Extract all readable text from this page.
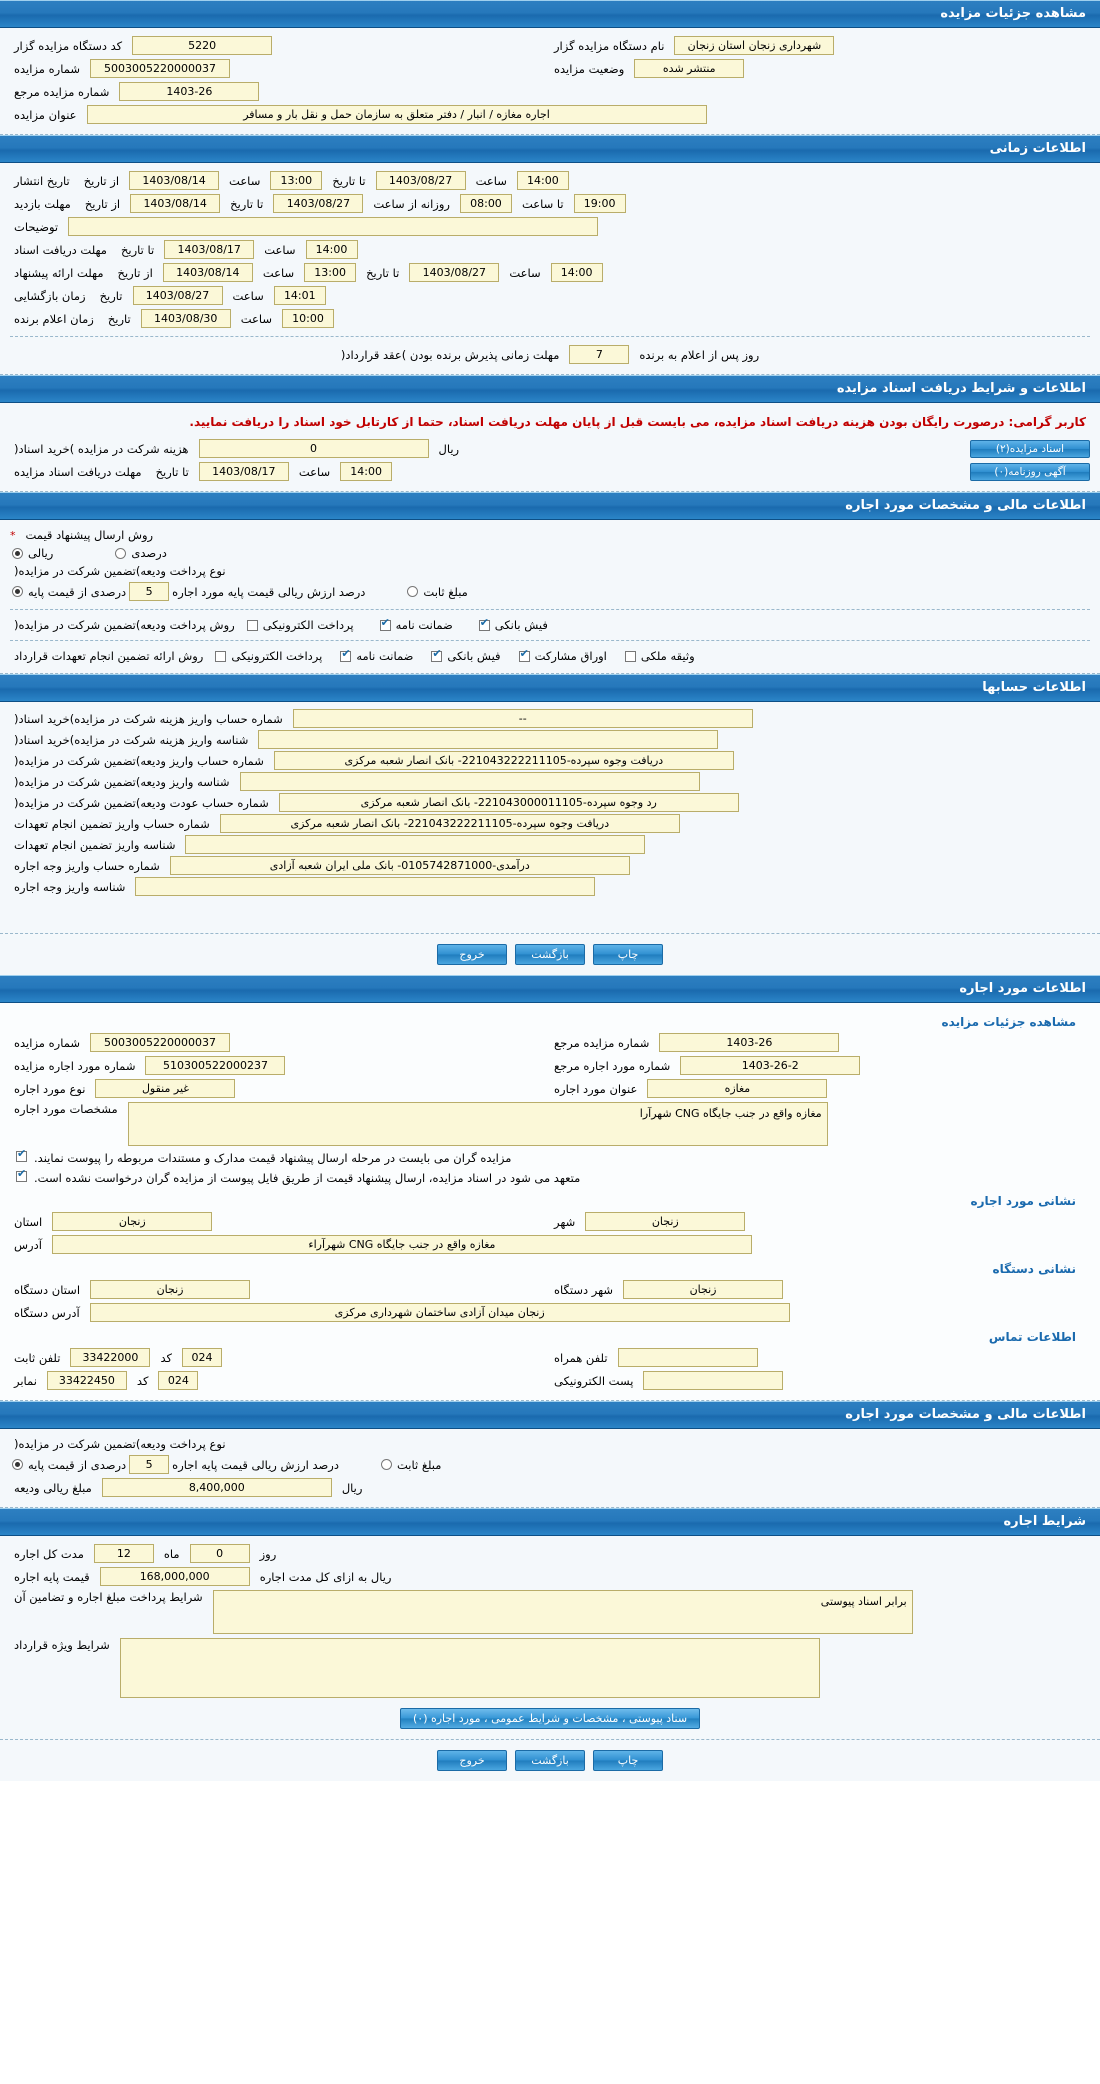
مشاهده جزئیات مزایده
کد دستگاه مزایده گزار	5220
شماره مزایده	5003005220000037
شماره مزایده مرجع	1403-26
نام دستگاه مزایده گزار	شهرداری زنجان استان زنجان
وضعیت مزایده	منتشر شده
عنوان مزایده	اجاره مغازه / انبار / دفتر متعلق به سازمان حمل و نقل بار و مسافر
اطلاعات زمانی
تاریخ انتشار	از تاریخ	1403/08/14	ساعت	13:00	تا تاریخ	1403/08/27	ساعت	14:00
مهلت بازدید	از تاریخ	1403/08/14	تا تاریخ	1403/08/27	روزانه از ساعت	08:00	تا ساعت	19:00
توضیحات
مهلت دریافت اسناد	تا تاریخ	1403/08/17	ساعت	14:00
مهلت ارائه پیشنهاد	از تاریخ	1403/08/14	ساعت	13:00	تا تاریخ	1403/08/27	ساعت	14:00
زمان بازگشایی	تاریخ	1403/08/27	ساعت	14:01
زمان اعلام برنده	تاریخ	1403/08/30	ساعت	10:00
مهلت زمانی پذیرش برنده بودن )عقد قرارداد(	7	روز پس از اعلام به برنده
اطلاعات و شرایط دریافت اسناد مزایده
کاربر گرامی: درصورت رایگان بودن هزینه دریافت اسناد مزایده، می بایست قبل از پایان مهلت دریافت اسناد، حتما از کارتابل خود اسناد را دریافت نمایید.
هزینه شرکت در مزایده )خرید اسناد(	0	ریال	اسناد مزایده(۲)
مهلت دریافت اسناد مزایده	تا تاریخ	1403/08/17	ساعت	14:00	آگهی روزنامه(۰)
اطلاعات مالی و مشخصات مورد اجاره
* روش ارسال پیشنهاد قیمت
ریالی	درصدی
نوع پرداخت ودیعه)تضمین شرکت در مزایده(
درصدی از قیمت پایه	5	درصد ارزش ریالی قیمت پایه مورد اجاره	مبلغ ثابت
روش پرداخت ودیعه)تضمین شرکت در مزایده(	پرداخت الکترونیکی ✔	ضمانت نامه ✔	فیش بانکی
روش ارائه تضمین انجام تعهدات قرارداد	پرداخت الکترونیکی ✔	ضمانت نامه ✔	فیش بانکی ✔	اوراق مشارکت	وثیقه ملکی
اطلاعات حسابها
شماره حساب واریز هزینه شرکت در مزایده)خرید اسناد(	--
شناسه واریز هزینه شرکت در مزایده)خرید اسناد(
شماره حساب واریز ودیعه)تضمین شرکت در مزایده(	دریافت وجوه سپرده-221043222211105- بانک انصار شعبه مرکزی
شناسه واریز ودیعه)تضمین شرکت در مزایده(
شماره حساب عودت ودیعه)تضمین شرکت در مزایده(	رد وجوه سپرده-221043000011105- بانک انصار شعبه مرکزی
شماره حساب واریز تضمین انجام تعهدات	دریافت وجوه سپرده-221043222211105- بانک انصار شعبه مرکزی
شناسه واریز تضمین انجام تعهدات
شماره حساب واریز وجه اجاره	درآمدی-0105742871000- بانک ملی ایران شعبه آزادی
شناسه واریز وجه اجاره
خروج	بازگشت	چاپ
اطلاعات مورد اجاره
مشاهده جزئیات مزایده
شماره مزایده	5003005220000037
شماره مورد اجاره مزایده	510300522000237
نوع مورد اجاره	غیر منقول
شماره مزایده مرجع	1403-26
شماره مورد اجاره مرجع	1403-26-2
عنوان مورد اجاره	مغازه
مشخصات مورد اجاره	مغازه واقع در جنب جایگاه CNG شهرآرا
✔
مزایده گران می بایست در مرحله ارسال پیشنهاد قیمت مدارک و مستندات مربوطه را پیوست نمایند.
✔
متعهد می شود در اسناد مزایده، ارسال پیشنهاد قیمت از طریق فایل پیوست از مزایده گران درخواست نشده است.
نشانی مورد اجاره
استان	زنجان	شهر	زنجان
آدرس	مغازه واقع در جنب جایگاه CNG شهرآراء
نشانی دستگاه
استان دستگاه	زنجان	شهر دستگاه	زنجان
آدرس دستگاه	زنجان میدان آزادی ساختمان شهرداری مرکزی
اطلاعات تماس
تلفن ثابت	33422000	کد	024
نمابر	33422450	کد	024
تلفن همراه
پست الکترونیکی
اطلاعات مالی و مشخصات مورد اجاره
نوع پرداخت ودیعه)تضمین شرکت در مزایده(
درصدی از قیمت پایه	5	درصد ارزش ریالی قیمت پایه اجاره	مبلغ ثابت
مبلغ ریالی ودیعه	8,400,000	ریال
شرایط اجاره
مدت کل اجاره	12	ماه	0	روز
قیمت پایه اجاره	168,000,000	ریال به ازای کل مدت اجاره
شرایط پرداخت مبلغ اجاره و تضامین آن	برابر اسناد پیوستی
شرایط ویژه قرارداد
سناد پیوستی ، مشخصات و شرایط عمومی ، مورد اجاره (۰)
خروج	بازگشت	چاپ
